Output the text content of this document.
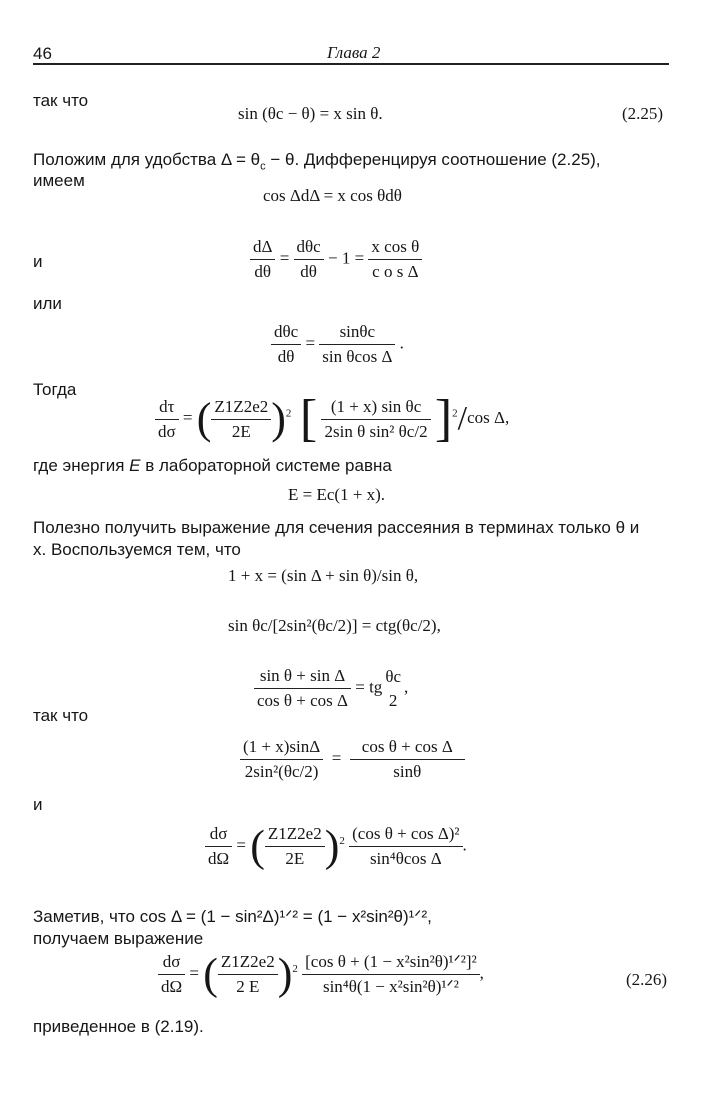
46	Глава 2
так что
sin (θc − θ) = x sin θ.	(2.25)
Положим для удобства $\Delta = \theta_c - \theta$. Дифференцируя соотношение (2.25),
имеем
cos ΔdΔ = x cos θdθ
и	$\frac{d\Delta}{d\theta} = \frac{\text{dθc}}{d\theta} - 1 = \frac{\text{x cos θ}}{\text{c o s Δ}}$
или
$\frac{\text{dθc}}{d\theta} = \frac{\sin\theta c}{\text{sin θcos Δ}}$ .
Тогда
$\frac{d\tau}{d\sigma}$ = ( $\frac{Z1Z2e2}{2E} )^2$ [ $\frac{\text{(1 + x) sin θc}}{\text{2sin θ sin² θc/2}} ]^2/\cos$ Δ,
где энергия E в лабораторной системе равна
E = Ec(1 + x).
Полезно получить выражение для сечения рассеяния в терминах только θ и
x. Воспользуемся тем, что
1 + x = (sin Δ + sin θ)/sin θ,
sin θc/[2sin²(θc/2)] = ctg(θc/2),
$\frac{\text{sin θ + sin Δ}}{\text{cos θ + cos Δ}}$ = tg
θc
2
,
так что
$\frac{(1 + x)\sin\Delta}{\text{2sin²(θc/2)}} = \frac{\text{cos θ + cos Δ}}{\sin\theta}$
и
$\frac{d\sigma}{d\Omega}$ = ( $\frac{Z1Z2e2}{2E} )^2 \frac{\text{(cos θ + cos Δ)²}}{\text{sin⁴θcos Δ}}$ .
Заметив, что cos Δ = (1 − sin²Δ)¹ᐟ² = (1 − x²sin²θ)¹ᐟ²,
получаем выражение
$\frac{d\sigma}{d\Omega}$ = ( $\frac{Z1Z2e2}{2 E} )^2 \frac{\text{[cos θ + (1 − x²sin²θ)¹ᐟ²]²}}{\text{sin⁴θ(1 − x²sin²θ)¹ᐟ²}}$ ,	(2.26)
приведенное в (2.19).
